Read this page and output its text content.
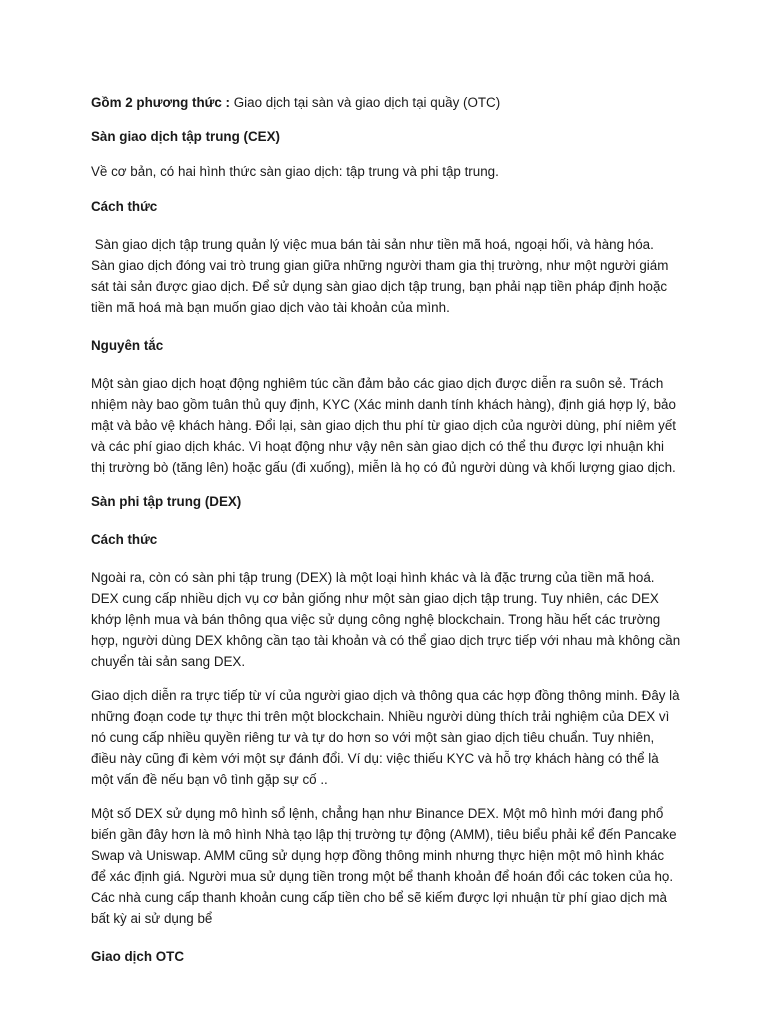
Gồm 2 phương thức : Giao dịch tại sàn và giao dịch tại quầy (OTC)

Sàn giao dịch tập trung (CEX)

Về cơ bản, có hai hình thức sàn giao dịch: tập trung và phi tập trung.

Cách thức

Sàn giao dịch tập trung quản lý việc mua bán tài sản như tiền mã hoá, ngoại hối, và hàng hóa. Sàn giao dịch đóng vai trò trung gian giữa những người tham gia thị trường, như một người giám sát tài sản được giao dịch. Để sử dụng sàn giao dịch tập trung, bạn phải nạp tiền pháp định hoặc tiền mã hoá mà bạn muốn giao dịch vào tài khoản của mình.

Nguyên tắc

Một sàn giao dịch hoạt động nghiêm túc cần đảm bảo các giao dịch được diễn ra suôn sẻ. Trách nhiệm này bao gồm tuân thủ quy định, KYC (Xác minh danh tính khách hàng), định giá hợp lý, bảo mật và bảo vệ khách hàng. Đổi lại, sàn giao dịch thu phí từ giao dịch của người dùng, phí niêm yết và các phí giao dịch khác. Vì hoạt động như vậy nên sàn giao dịch có thể thu được lợi nhuận khi thị trường bò (tăng lên) hoặc gấu (đi xuống), miễn là họ có đủ người dùng và khối lượng giao dịch.

Sàn phi tập trung (DEX)

Cách thức

Ngoài ra, còn có sàn phi tập trung (DEX) là một loại hình khác và là đặc trưng của tiền mã hoá. DEX cung cấp nhiều dịch vụ cơ bản giống như một sàn giao dịch tập trung. Tuy nhiên, các DEX khớp lệnh mua và bán thông qua việc sử dụng công nghệ blockchain. Trong hầu hết các trường hợp, người dùng DEX không cần tạo tài khoản và có thể giao dịch trực tiếp với nhau mà không cần chuyển tài sản sang DEX.

Giao dịch diễn ra trực tiếp từ ví của người giao dịch và thông qua các hợp đồng thông minh. Đây là những đoạn code tự thực thi trên một blockchain. Nhiều người dùng thích trải nghiệm của DEX vì nó cung cấp nhiều quyền riêng tư và tự do hơn so với một sàn giao dịch tiêu chuẩn. Tuy nhiên, điều này cũng đi kèm với một sự đánh đổi. Ví dụ: việc thiếu KYC và hỗ trợ khách hàng có thể là một vấn đề nếu bạn vô tình gặp sự cố ..

Một số DEX sử dụng mô hình sổ lệnh, chẳng hạn như Binance DEX. Một mô hình mới đang phổ biến gần đây hơn là mô hình Nhà tạo lập thị trường tự động (AMM), tiêu biểu phải kể đến Pancake Swap và Uniswap. AMM cũng sử dụng hợp đồng thông minh nhưng thực hiện một mô hình khác để xác định giá. Người mua sử dụng tiền trong một bể thanh khoản để hoán đổi các token của họ. Các nhà cung cấp thanh khoản cung cấp tiền cho bể sẽ kiếm được lợi nhuận từ phí giao dịch mà bất kỳ ai sử dụng bể

Giao dịch OTC
